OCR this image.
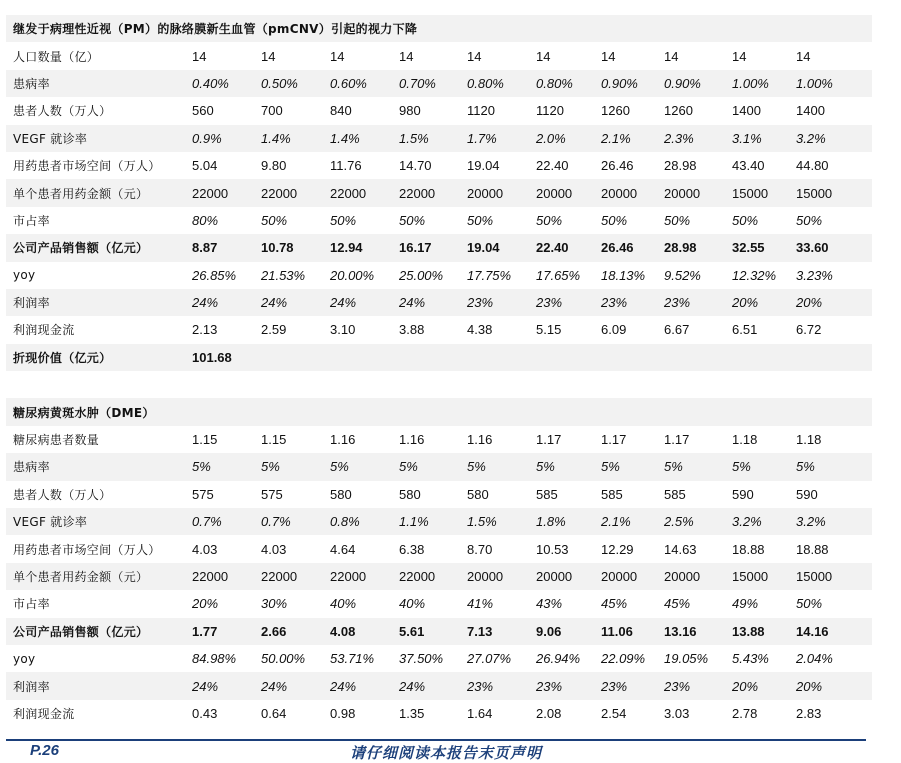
继发于病理性近视（PM）的脉络膜新生血管（pmCNV）引起的视力下降
人口数量（亿）	14	14	14	14	14	14	14	14	14	14
患病率	0.40%	0.50%	0.60%	0.70%	0.80%	0.80%	0.90%	0.90%	1.00%	1.00%
患者人数（万人）	560	700	840	980	1120	1120	1260	1260	1400	1400
VEGF 就诊率	0.9%	1.4%	1.4%	1.5%	1.7%	2.0%	2.1%	2.3%	3.1%	3.2%
用药患者市场空间（万人）	5.04	9.80	11.76	14.70	19.04	22.40	26.46	28.98	43.40	44.80
单个患者用药金额（元）	22000	22000	22000	22000	20000	20000	20000	20000	15000	15000
市占率	80%	50%	50%	50%	50%	50%	50%	50%	50%	50%
公司产品销售额（亿元）	8.87	10.78	12.94	16.17	19.04	22.40	26.46	28.98	32.55	33.60
yoy	26.85%	21.53%	20.00%	25.00%	17.75%	17.65%	18.13%	9.52%	12.32%	3.23%
利润率	24%	24%	24%	24%	23%	23%	23%	23%	20%	20%
利润现金流	2.13	2.59	3.10	3.88	4.38	5.15	6.09	6.67	6.51	6.72
折现价值（亿元）	101.68
糖尿病黄斑水肿（DME）
糖尿病患者数量	1.15	1.15	1.16	1.16	1.16	1.17	1.17	1.17	1.18	1.18
患病率	5%	5%	5%	5%	5%	5%	5%	5%	5%	5%
患者人数（万人）	575	575	580	580	580	585	585	585	590	590
VEGF 就诊率	0.7%	0.7%	0.8%	1.1%	1.5%	1.8%	2.1%	2.5%	3.2%	3.2%
用药患者市场空间（万人）	4.03	4.03	4.64	6.38	8.70	10.53	12.29	14.63	18.88	18.88
单个患者用药金额（元）	22000	22000	22000	22000	20000	20000	20000	20000	15000	15000
市占率	20%	30%	40%	40%	41%	43%	45%	45%	49%	50%
公司产品销售额（亿元）	1.77	2.66	4.08	5.61	7.13	9.06	11.06	13.16	13.88	14.16
yoy	84.98%	50.00%	53.71%	37.50%	27.07%	26.94%	22.09%	19.05%	5.43%	2.04%
利润率	24%	24%	24%	24%	23%	23%	23%	23%	20%	20%
利润现金流	0.43	0.64	0.98	1.35	1.64	2.08	2.54	3.03	2.78	2.83
P.26	请仔细阅读本报告末页声明
